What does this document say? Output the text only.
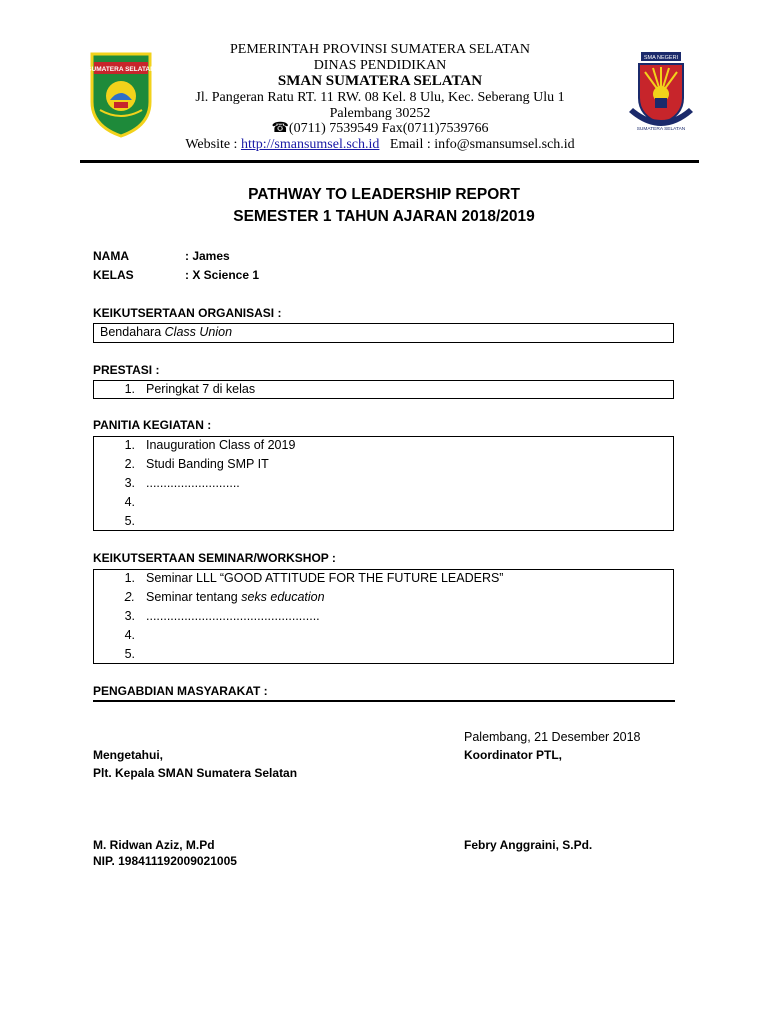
SUMATERA SELATAN
PEMERINTAH PROVINSI SUMATERA SELATAN
DINAS PENDIDIKAN
SMAN SUMATERA SELATAN
Jl. Pangeran Ratu RT. 11 RW. 08 Kel. 8 Ulu, Kec. Seberang Ulu 1
Palembang 30252
☎(0711) 7539549 Fax(0711)7539766
Website : http://smansumsel.sch.id Email : info@smansumsel.sch.id
SMA NEGERI
SUMATERA SELATAN
PATHWAY TO LEADERSHIP REPORT
SEMESTER 1 TAHUN AJARAN 2018/2019
NAMA	: James
KELAS	: X Science 1
KEIKUTSERTAAN ORGANISASI :
Bendahara Class Union
PRESTASI :
1. Peringkat 7 di kelas
PANITIA KEGIATAN :
1. Inauguration Class of 2019
2. Studi Banding SMP IT
3. ...........................
4.
5.
KEIKUTSERTAAN SEMINAR/WORKSHOP :
1. Seminar LLL “GOOD ATTITUDE FOR THE FUTURE LEADERS”
2. Seminar tentang seks education
3. ..................................................
4.
5.
PENGABDIAN MASYARAKAT :
Palembang, 21 Desember 2018
Mengetahui,	Koordinator PTL,
Plt. Kepala SMAN Sumatera Selatan
M. Ridwan Aziz, M.Pd	Febry Anggraini, S.Pd.
NIP. 198411192009021005
